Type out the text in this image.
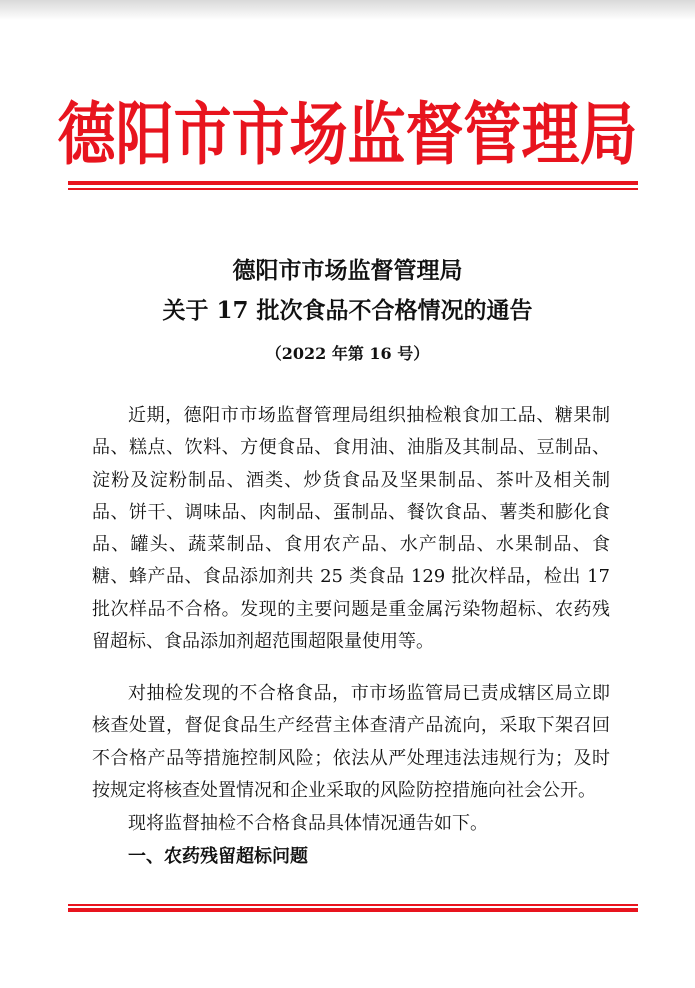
德阳市市场监督管理局
德阳市市场监督管理局
关于 17 批次食品不合格情况的通告
（2022 年第 16 号）

近期，德阳市市场监督管理局组织抽检粮食加工品、糖果制品、糕点、饮料、方便食品、食用油、油脂及其制品、豆制品、淀粉及淀粉制品、酒类、炒货食品及坚果制品、茶叶及相关制品、饼干、调味品、肉制品、蛋制品、餐饮食品、薯类和膨化食品、罐头、蔬菜制品、食用农产品、水产制品、水果制品、食糖、蜂产品、食品添加剂共 25 类食品 129 批次样品，检出 17 批次样品不合格。发现的主要问题是重金属污染物超标、农药残留超标、食品添加剂超范围超限量使用等。

对抽检发现的不合格食品，市市场监管局已责成辖区局立即核查处置，督促食品生产经营主体查清产品流向，采取下架召回不合格产品等措施控制风险；依法从严处理违法违规行为；及时按规定将核查处置情况和企业采取的风险防控措施向社会公开。

现将监督抽检不合格食品具体情况通告如下。

一、农药残留超标问题
